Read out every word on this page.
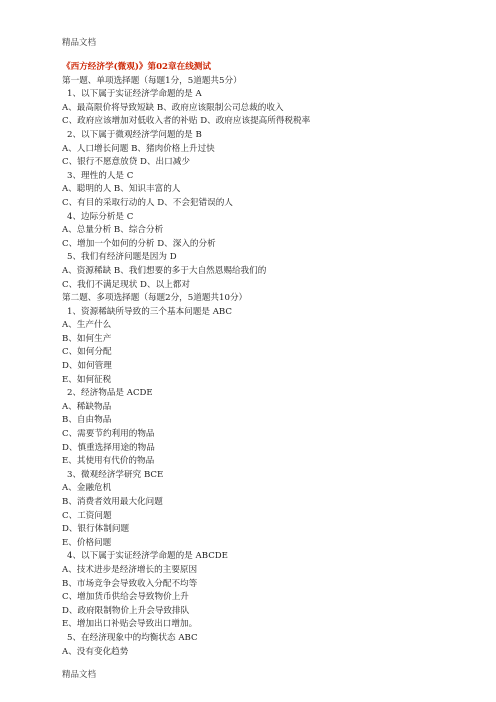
精品文档
《西方经济学(微观)》第02章在线测试
第一题、单项选择题（每题1分，5道题共5分）
1、以下属于实证经济学命题的是 A
A、最高限价将导致短缺 B、政府应该限制公司总裁的收入
C、政府应该增加对低收入者的补贴 D、政府应该提高所得税税率
2、以下属于微观经济学问题的是 B
A、人口增长问题 B、猪肉价格上升过快
C、银行不愿意放贷 D、出口减少
3、理性的人是 C
A、聪明的人 B、知识丰富的人
C、有目的采取行动的人 D、不会犯错误的人
4、边际分析是 C
A、总量分析 B、综合分析
C、增加一个如何的分析 D、深入的分析
5、我们有经济问题是因为 D
A、资源稀缺 B、我们想要的多于大自然恩赐给我们的
C、我们不满足现状 D、以上都对
第二题、多项选择题（每题2分，5道题共10分）
1、资源稀缺所导致的三个基本问题是 ABC
A、生产什么
B、如何生产
C、如何分配
D、如何管理
E、如何征税
2、经济物品是 ACDE
A、稀缺物品
B、自由物品
C、需要节约利用的物品
D、慎重选择用途的物品
E、其使用有代价的物品
3、微观经济学研究 BCE
A、金融危机
B、消费者效用最大化问题
C、工资问题
D、银行体制问题
E、价格问题
4、以下属于实证经济学命题的是 ABCDE
A、技术进步是经济增长的主要原因
B、市场竞争会导致收入分配不均等
C、增加货币供给会导致物价上升
D、政府限制物价上升会导致排队
E、增加出口补贴会导致出口增加。
5、在经济现象中的均衡状态 ABC
A、没有变化趋势
精品文档
